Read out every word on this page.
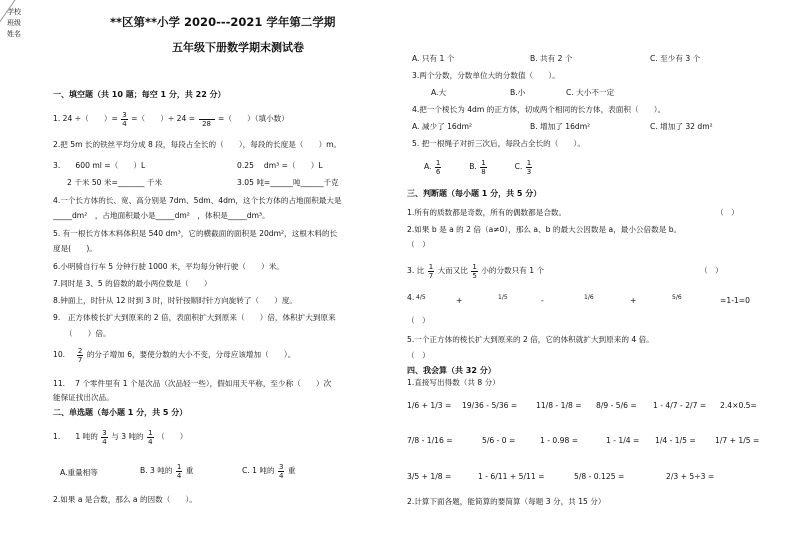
学校
班级
姓名
**区第**小学 2020---2021 学年第二学期
五年级下册数学期末测试卷
一、填空题（共 10 题；每空 1 分，共 22 分）
1. 24 ÷（　　）= $\frac{3}{4}$ =（　　）÷ 24 =

28
=（　　）（填小数）
2.把 5m 长的铁丝平均分成 8 段，每段占全长的（　　），每段的长度是（　　）m。
3.　　600 ml =（　　）L	0.25　 dm³ =（　　）L
2 千米 50 米=_______ 千米	3.05 吨=______吨______千克
4.一个长方体的长、宽、高分别是 7dm、5dm、4dm，这个长方体的占地面积最大是
_____dm²　，占地面积最小是_____dm²　，体积是_____dm³。
5. 有一根长方体木料体积是 540 dm³，它的横截面的面积是 20dm²，这根木料的长
度是(　　)。
6.小明骑自行车 5 分钟行驶 1000 米，平均每分钟行驶（　　）米。
7.同时是 3、5 的倍数的最小两位数是（　　）
8.钟面上，时针从 12 时到 3 时，时针按顺时针方向旋转了（　　）度。
9.　正方体棱长扩大到原来的 2 倍，表面积扩大到原来（　　）倍，体积扩大到原来
（　　）倍。
10. $\frac{2}{7}$ 的分子增加 6，要使分数的大小不变，分母应该增加（　　）。
11.　 7 个零件里有 1 个是次品（次品轻一些），假如用天平称，至少称（　　）次
能保证找出次品。
二、单选题（每小题 1 分，共 5 分）
1.　　1 吨的 $\frac{3}{4}$ 与 3 吨的 $\frac{1}{4}$ （　　）
A.重量相等	B. 3 吨的 $\frac{1}{4}$ 重	C. 1 吨的 $\frac{3}{4}$ 重
2.如果 a 是合数，那么 a 的因数（　　）。
A. 只有 1 个	B. 共有 2 个	C. 至少有 3 个
3.两个分数，分数单位大的分数值（　　）。
A.大	B.小	C. 大小不一定
4.把一个棱长为 4dm 的正方体，切成两个相同的长方体，表面积（　　）。
A. 减少了 16dm²	B. 增加了 16dm²	C. 增加了 32 dm²
5. 把一根绳子对折三次后，每段占全长的（　　）。
A. $\frac{1}{6}$	B. $\frac{1}{8}$	C. $\frac{1}{3}$
三、判断题（每小题 1 分，共 5 分）
1.所有的质数都是奇数，所有的偶数都是合数。	（　）
2.如果 b 是 a 的 2 倍（a≠0），那么 a、b 的最大公因数是 a，最小公倍数是 b。
（　）
3. 比 $\frac{1}{7}$ 大而又比 $\frac{1}{5}$ 小的分数只有 1 个	（　）
4. 4/5	+	1/5	-	1/6	+	5/6	=1-1=0
（　）
5.一个正方体的棱长扩大到原来的 2 倍，它的体积就扩大到原来的 4 倍。
（　）
四、我会算（共 32 分）
1.直接写出得数（共 8 分）
1/6 + 1/3 = 19/36 - 5/36 = 11/8 - 1/8 = 8/9 - 5/6 = 1 - 4/7 - 2/7 = 2.4×0.5=
7/8 - 1/16 =	5/6 - 0 =	1 - 0.98 =	1 - 1/4 = 1/4 - 1/5 =	1/7 + 1/5 =
3/5 + 1/8 =	1 - 6/11 + 5/11 =	5/8 - 0.125 =	2/3 + 5÷3 =
2.计算下面各题，能简算的要简算（每题 3 分，共 15 分）
